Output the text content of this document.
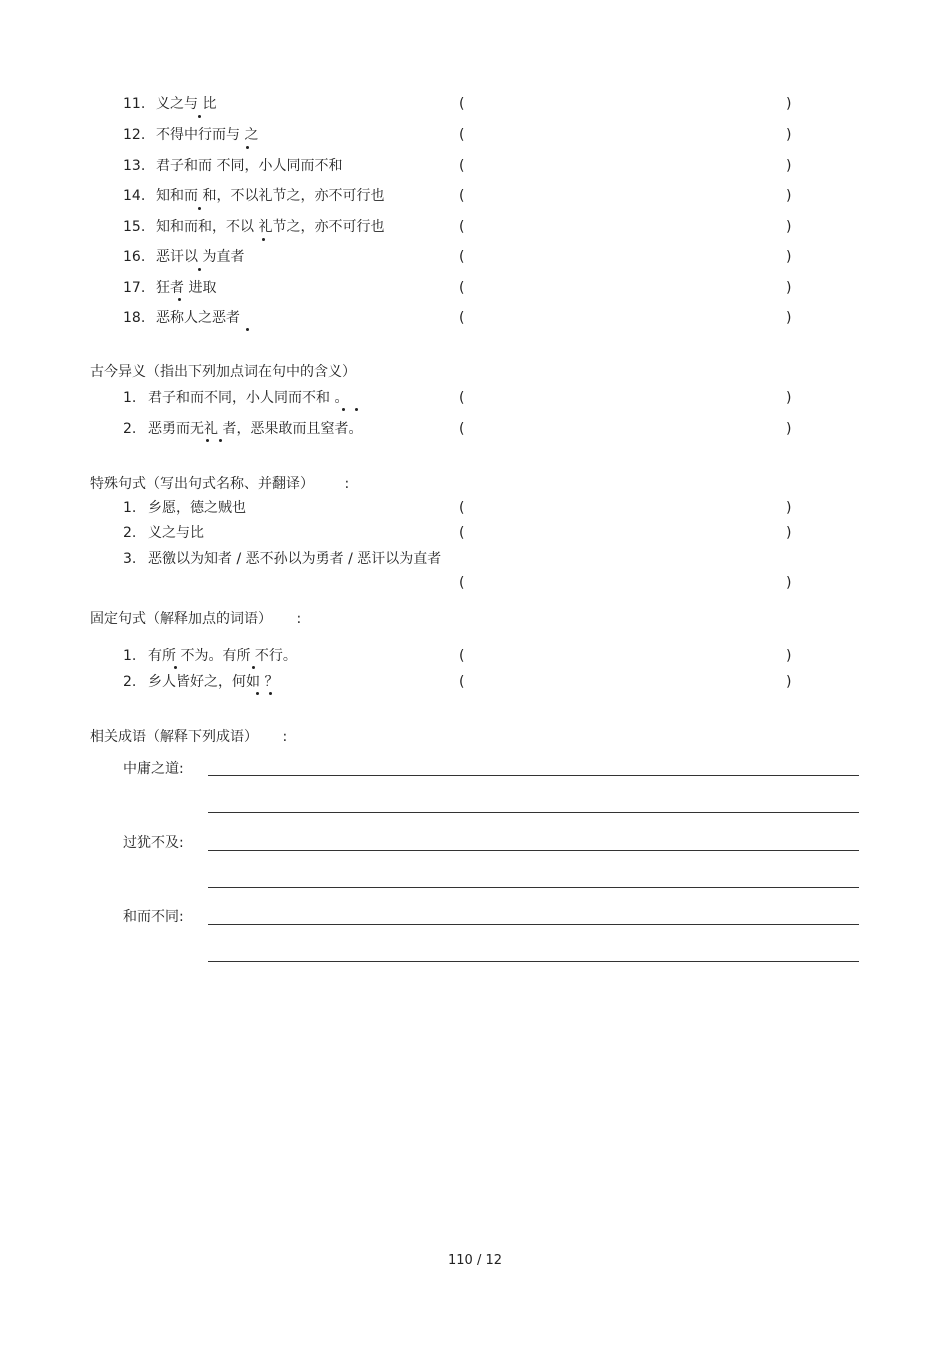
11. 义之与 比	(	)
12. 不得中行而与 之	(	)
13. 君子和而 不同，小人同而不和	(	)
14. 知和而 和，不以礼节之，亦不可行也	(	)
15. 知和而和，不以 礼节之，亦不可行也	(	)
16. 恶讦以 为直者	(	)
17. 狂者 进取	(	)
18. 恶称人之恶者	(	)
古今异义（指出下列加点词在句中的含义）
1. 君子和而不同，小人同而不和 。	(	)
2. 恶勇而无礼 者，恶果敢而且窒者。	(	)
特殊句式（写出句式名称、并翻译） :
1. 乡愿，德之贼也	(	)
2. 义之与比	(	)
3. 恶徼以为知者 / 恶不孙以为勇者 / 恶讦以为直者
(	)
固定句式（解释加点的词语） :
1. 有所 不为。有所 不行。	(	)
2. 乡人皆好之，何如 ？	(	)
相关成语（解释下列成语） :
中庸之道:
过犹不及:
和而不同:
110 / 12
